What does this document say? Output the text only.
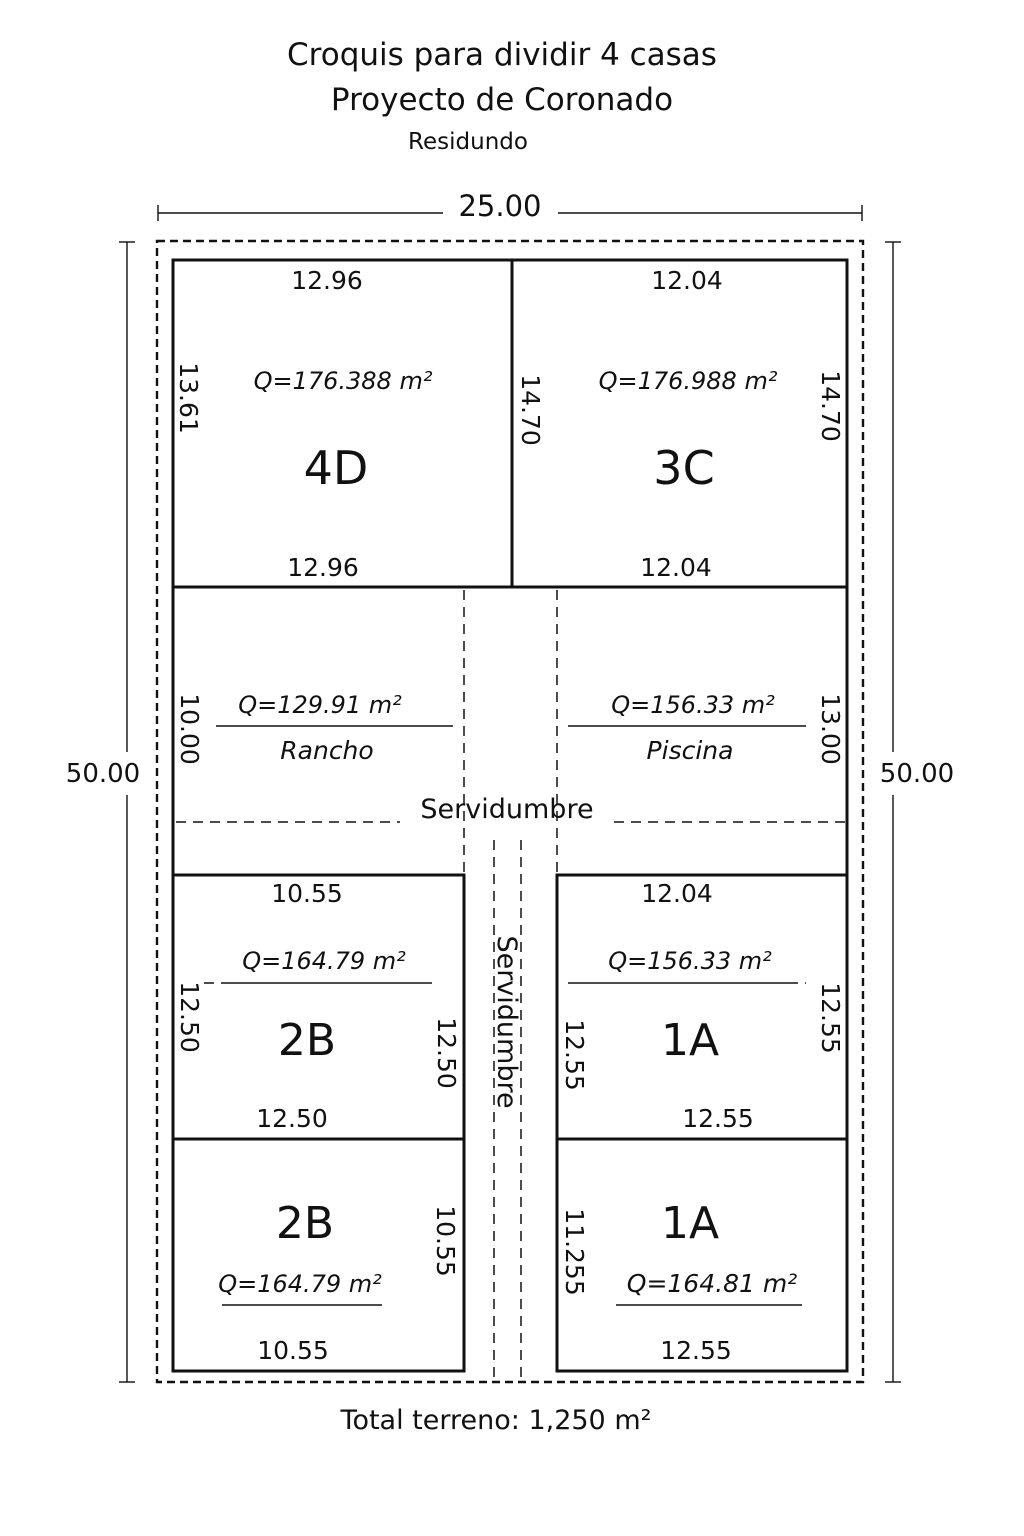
Croquis para dividir 4 casas
Proyecto de Coronado
Residundo
25.00
50.00	50.00
Servidumbre
Servidumbre
12.96
Q=176.388 m²
4D
12.96
13.61
12.04
Q=176.988 m²
3C
12.04
14.70	14.70
Q=129.91 m²
Rancho
10.00	Q=156.33 m²
Piscina	13.00
10.55
Q=164.79 m²
2B
12.50
12.50
12.50
12.04
Q=156.33 m²
1A
12.55
12.55
12.55
2B
Q=164.79 m²
10.55
10.55	1A
Q=164.81 m²
12.55
11.255
Total terreno: 1,250 m²
